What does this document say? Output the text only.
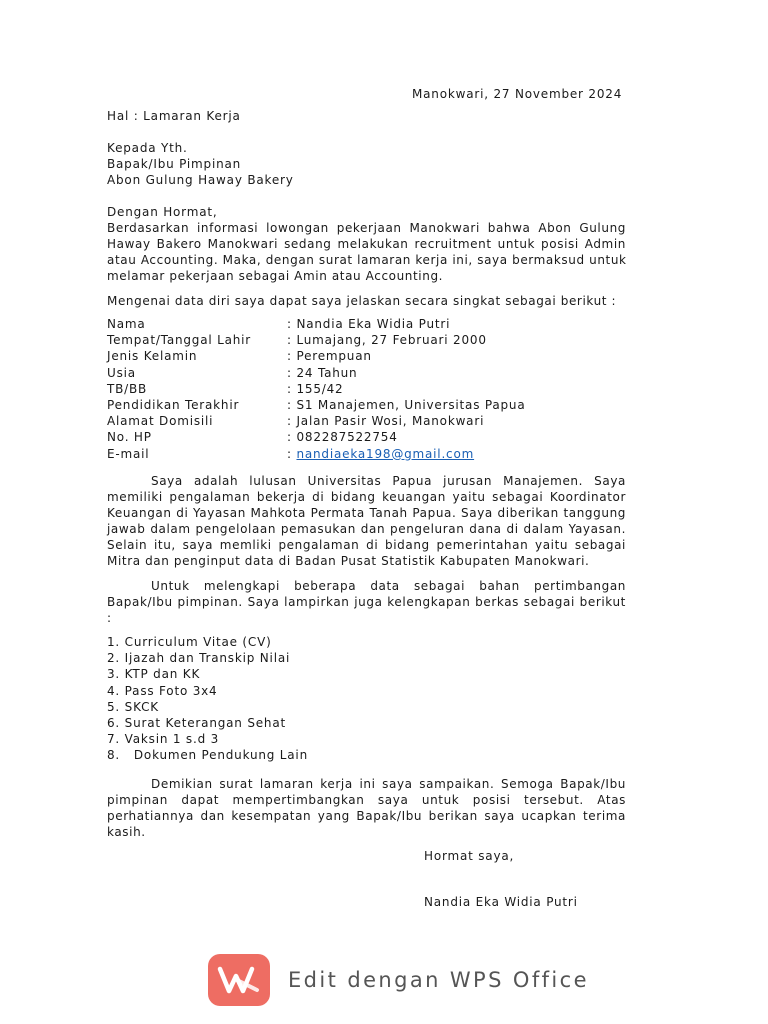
Manokwari, 27 November 2024
Hal : Lamaran Kerja
Kepada Yth.
Bapak/Ibu Pimpinan
Abon Gulung Haway Bakery
Dengan Hormat,
Berdasarkan informasi lowongan pekerjaan Manokwari bahwa Abon Gulung
Haway Bakero Manokwari sedang melakukan recruitment untuk posisi Admin
atau Accounting. Maka, dengan surat lamaran kerja ini, saya bermaksud untuk
melamar pekerjaan sebagai Amin atau Accounting.
Mengenai data diri saya dapat saya jelaskan secara singkat sebagai berikut :
Nama	: Nandia Eka Widia Putri
Tempat/Tanggal Lahir	: Lumajang, 27 Februari 2000
Jenis Kelamin	: Perempuan
Usia	: 24 Tahun
TB/BB	: 155/42
Pendidikan Terakhir	: S1 Manajemen, Universitas Papua
Alamat Domisili	: Jalan Pasir Wosi, Manokwari
No. HP	: 082287522754
E-mail	: nandiaeka198@gmail.com
Saya adalah lulusan Universitas Papua jurusan Manajemen. Saya
memiliki pengalaman bekerja di bidang keuangan yaitu sebagai Koordinator
Keuangan di Yayasan Mahkota Permata Tanah Papua. Saya diberikan tanggung
jawab dalam pengelolaan pemasukan dan pengeluran dana di dalam Yayasan.
Selain itu, saya memliki pengalaman di bidang pemerintahan yaitu sebagai
Mitra dan penginput data di Badan Pusat Statistik Kabupaten Manokwari.
Untuk melengkapi beberapa data sebagai bahan pertimbangan
Bapak/Ibu pimpinan. Saya lampirkan juga kelengkapan berkas sebagai berikut
:
1. Curriculum Vitae (CV)
2. Ijazah dan Transkip Nilai
3. KTP dan KK
4. Pass Foto 3x4
5. SKCK
6. Surat Keterangan Sehat
7. Vaksin 1 s.d 3
8.   Dokumen Pendukung Lain
Demikian surat lamaran kerja ini saya sampaikan. Semoga Bapak/Ibu
pimpinan dapat mempertimbangkan saya untuk posisi tersebut. Atas
perhatiannya dan kesempatan yang Bapak/Ibu berikan saya ucapkan terima
kasih.
Hormat saya,
Nandia Eka Widia Putri
Edit dengan WPS Office
